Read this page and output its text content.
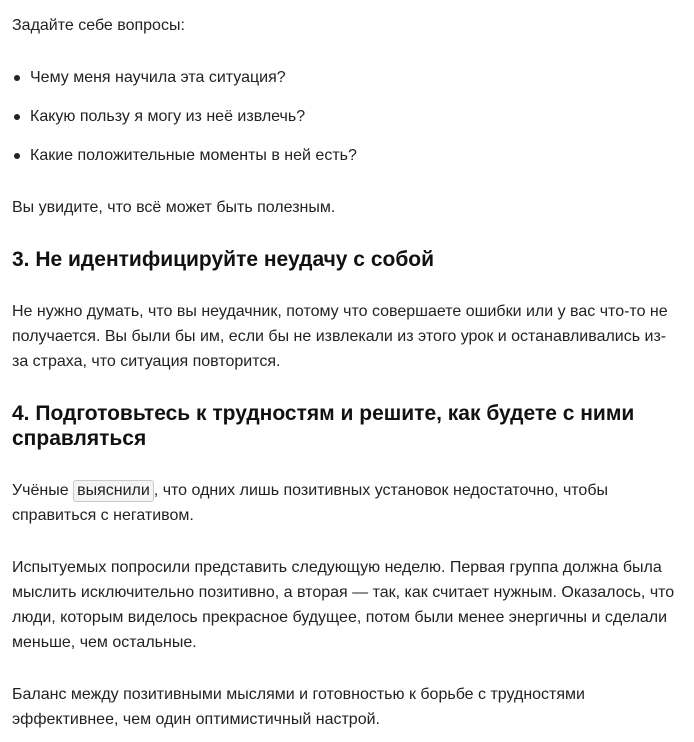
Задайте себе вопросы:

Чему меня научила эта ситуация?
Какую пользу я могу из неё извлечь?
Какие положительные моменты в ней есть?

Вы увидите, что всё может быть полезным.

3. Не идентифицируйте неудачу с собой

Не нужно думать, что вы неудачник, потому что совершаете ошибки или у вас что-то не получается. Вы были бы им, если бы не извлекали из этого урок и останавливались из-за страха, что ситуация повторится.

4. Подготовьтесь к трудностям и решите, как будете с ними справляться

Учёные выяснили , что одних лишь позитивных установок недостаточно, чтобы справиться с негативом.

Испытуемых попросили представить следующую неделю. Первая группа должна была мыслить исключительно позитивно, а вторая — так, как считает нужным. Оказалось, что люди, которым виделось прекрасное будущее, потом были менее энергичны и сделали меньше, чем остальные.

Баланс между позитивными мыслями и готовностью к борьбе с трудностями эффективнее, чем один оптимистичный настрой.
